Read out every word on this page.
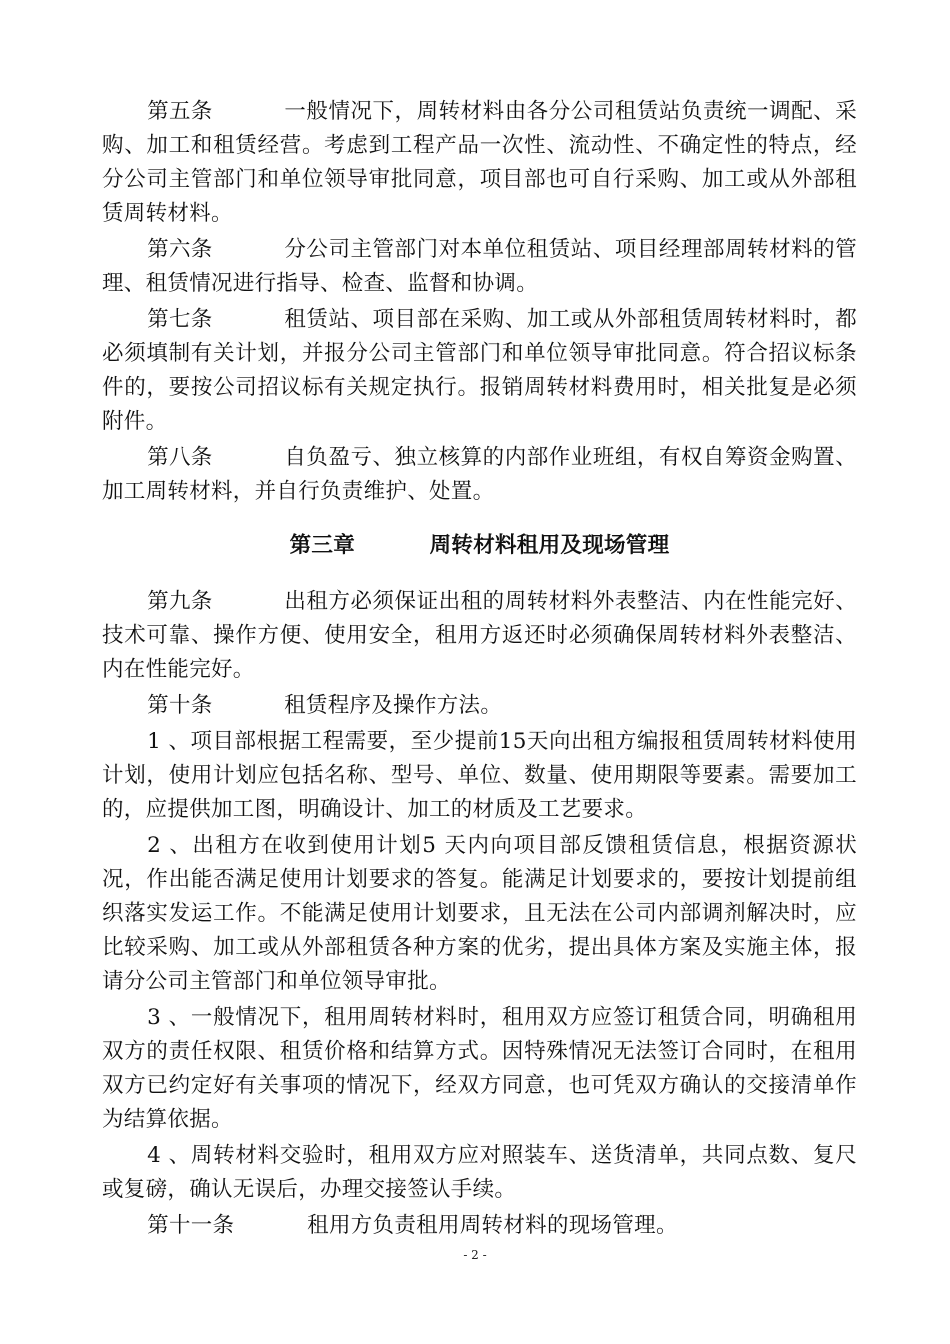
第五条	一般情况下，周转材料由各分公司租赁站负责统一调配、采购、加工和租赁经营。考虑到工程产品一次性、流动性、不确定性的特点，经分公司主管部门和单位领导审批同意，项目部也可自行采购、加工或从外部租赁周转材料。

第六条	分公司主管部门对本单位租赁站、项目经理部周转材料的管理、租赁情况进行指导、检查、监督和协调。

第七条	租赁站、项目部在采购、加工或从外部租赁周转材料时，都必须填制有关计划，并报分公司主管部门和单位领导审批同意。符合招议标条件的，要按公司招议标有关规定执行。报销周转材料费用时，相关批复是必须附件。

第八条	自负盈亏、独立核算的内部作业班组，有权自筹资金购置、加工周转材料，并自行负责维护、处置。

第三章	周转材料租用及现场管理

第九条	出租方必须保证出租的周转材料外表整洁、内在性能完好、技术可靠、操作方便、使用安全，租用方返还时必须确保周转材料外表整洁、内在性能完好。

第十条	租赁程序及操作方法。

1 、项目部根据工程需要，至少提前15天向出租方编报租赁周转材料使用计划，使用计划应包括名称、型号、单位、数量、使用期限等要素。需要加工的，应提供加工图，明确设计、加工的材质及工艺要求。

2 、出租方在收到使用计划5 天内向项目部反馈租赁信息，根据资源状况，作出能否满足使用计划要求的答复。能满足计划要求的，要按计划提前组织落实发运工作。不能满足使用计划要求，且无法在公司内部调剂解决时，应比较采购、加工或从外部租赁各种方案的优劣，提出具体方案及实施主体，报请分公司主管部门和单位领导审批。

3 、一般情况下，租用周转材料时，租用双方应签订租赁合同，明确租用双方的责任权限、租赁价格和结算方式。因特殊情况无法签订合同时，在租用双方已约定好有关事项的情况下，经双方同意，也可凭双方确认的交接清单作为结算依据。

4 、周转材料交验时，租用双方应对照装车、送货清单，共同点数、复尺或复磅，确认无误后，办理交接签认手续。

第十一条	租用方负责租用周转材料的现场管理。

- 2 -
